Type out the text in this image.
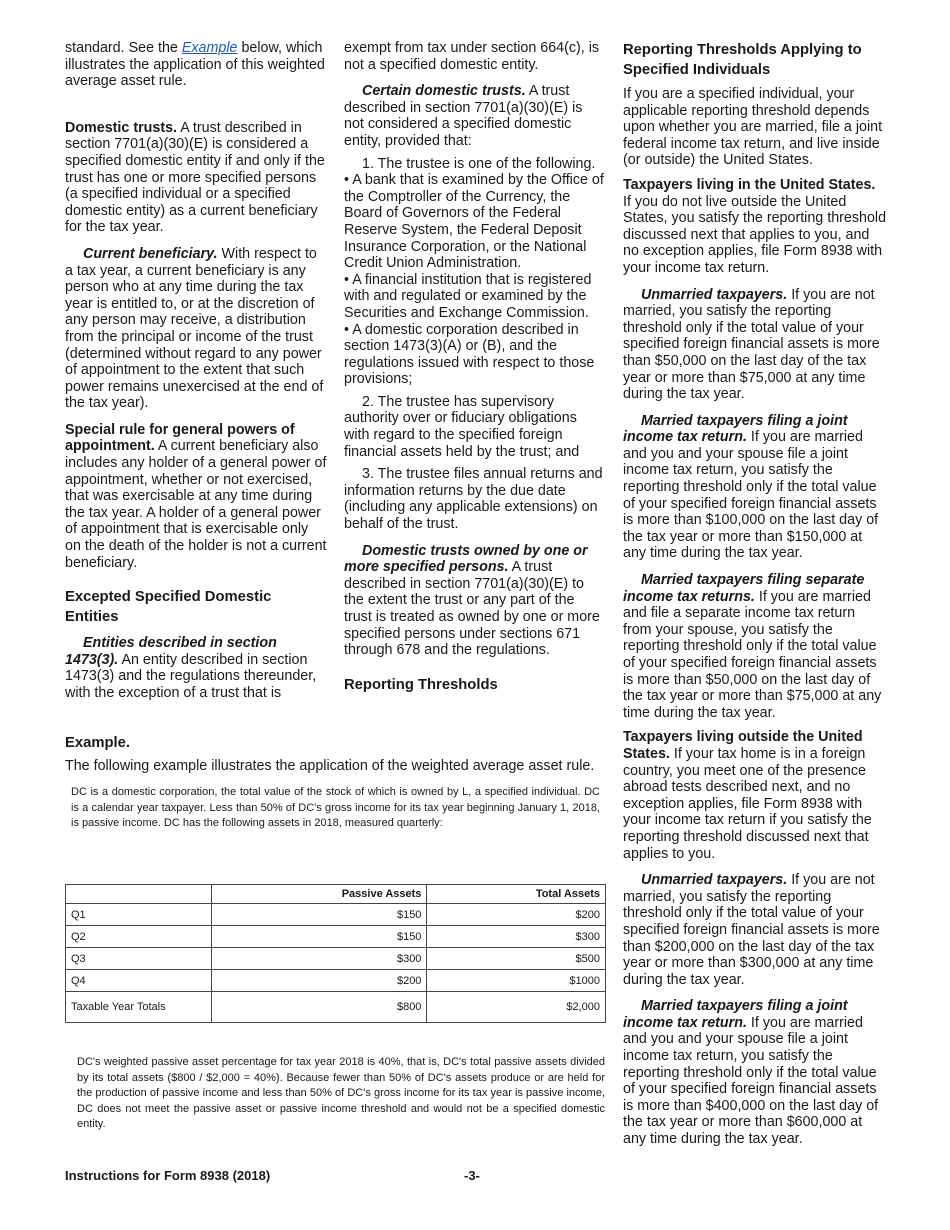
standard. See the Example below, which illustrates the application of this weighted average asset rule.

Domestic trusts. A trust described in section 7701(a)(30)(E) is considered a specified domestic entity if and only if the trust has one or more specified persons (a specified individual or a specified domestic entity) as a current beneficiary for the tax year.

Current beneficiary. With respect to a tax year, a current beneficiary is any person who at any time during the tax year is entitled to, or at the discretion of any person may receive, a distribution from the principal or income of the trust (determined without regard to any power of appointment to the extent that such power remains unexercised at the end of the tax year).

Special rule for general powers of appointment. A current beneficiary also includes any holder of a general power of appointment, whether or not exercised, that was exercisable at any time during the tax year. A holder of a general power of appointment that is exercisable only on the death of the holder is not a current beneficiary.

Excepted Specified Domestic Entities

Entities described in section 1473(3). An entity described in section 1473(3) and the regulations thereunder, with the exception of a trust that is

exempt from tax under section 664(c), is not a specified domestic entity.

Certain domestic trusts. A trust described in section 7701(a)(30)(E) is not considered a specified domestic entity, provided that:

1. The trustee is one of the following.

• A bank that is examined by the Office of the Comptroller of the Currency, the Board of Governors of the Federal Reserve System, the Federal Deposit Insurance Corporation, or the National Credit Union Administration.

• A financial institution that is registered with and regulated or examined by the Securities and Exchange Commission.

• A domestic corporation described in section 1473(3)(A) or (B), and the regulations issued with respect to those provisions;

2. The trustee has supervisory authority over or fiduciary obligations with regard to the specified foreign financial assets held by the trust; and

3. The trustee files annual returns and information returns by the due date (including any applicable extensions) on behalf of the trust.

Domestic trusts owned by one or more specified persons. A trust described in section 7701(a)(30)(E) to the extent the trust or any part of the trust is treated as owned by one or more specified persons under sections 671 through 678 and the regulations.

Reporting Thresholds
Reporting Thresholds Applying to Specified Individuals

If you are a specified individual, your applicable reporting threshold depends upon whether you are married, file a joint federal income tax return, and live inside (or outside) the United States.

Taxpayers living in the United States. If you do not live outside the United States, you satisfy the reporting threshold discussed next that applies to you, and no exception applies, file Form 8938 with your income tax return.

Unmarried taxpayers. If you are not married, you satisfy the reporting threshold only if the total value of your specified foreign financial assets is more than $50,000 on the last day of the tax year or more than $75,000 at any time during the tax year.

Married taxpayers filing a joint income tax return. If you are married and you and your spouse file a joint income tax return, you satisfy the reporting threshold only if the total value of your specified foreign financial assets is more than $100,000 on the last day of the tax year or more than $150,000 at any time during the tax year.

Married taxpayers filing separate income tax returns. If you are married and file a separate income tax return from your spouse, you satisfy the reporting threshold only if the total value of your specified foreign financial assets is more than $50,000 on the last day of the tax year or more than $75,000 at any time during the tax year.

Taxpayers living outside the United States. If your tax home is in a foreign country, you meet one of the presence abroad tests described next, and no exception applies, file Form 8938 with your income tax return if you satisfy the reporting threshold discussed next that applies to you.

Unmarried taxpayers. If you are not married, you satisfy the reporting threshold only if the total value of your specified foreign financial assets is more than $200,000 on the last day of the tax year or more than $300,000 at any time during the tax year.

Married taxpayers filing a joint income tax return. If you are married and you and your spouse file a joint income tax return, you satisfy the reporting threshold only if the total value of your specified foreign financial assets is more than $400,000 on the last day of the tax year or more than $600,000 at any time during the tax year.

Example.

The following example illustrates the application of the weighted average asset rule.

DC is a domestic corporation, the total value of the stock of which is owned by L, a specified individual. DC is a calendar year taxpayer. Less than 50% of DC's gross income for its tax year beginning January 1, 2018, is passive income. DC has the following assets in 2018, measured quarterly:

	Passive Assets	Total Assets
Q1	$150	$200
Q2	$150	$300
Q3	$300	$500
Q4	$200	$1000
Taxable Year Totals	$800	$2,000

DC's weighted passive asset percentage for tax year 2018 is 40%, that is, DC's total passive assets divided by its total assets ($800 / $2,000 = 40%). Because fewer than 50% of DC's assets produce or are held for the production of passive income and less than 50% of DC's gross income for its tax year is passive income, DC does not meet the passive asset or passive income threshold and would not be a specified domestic entity.

Instructions for Form 8938 (2018)	-3-
